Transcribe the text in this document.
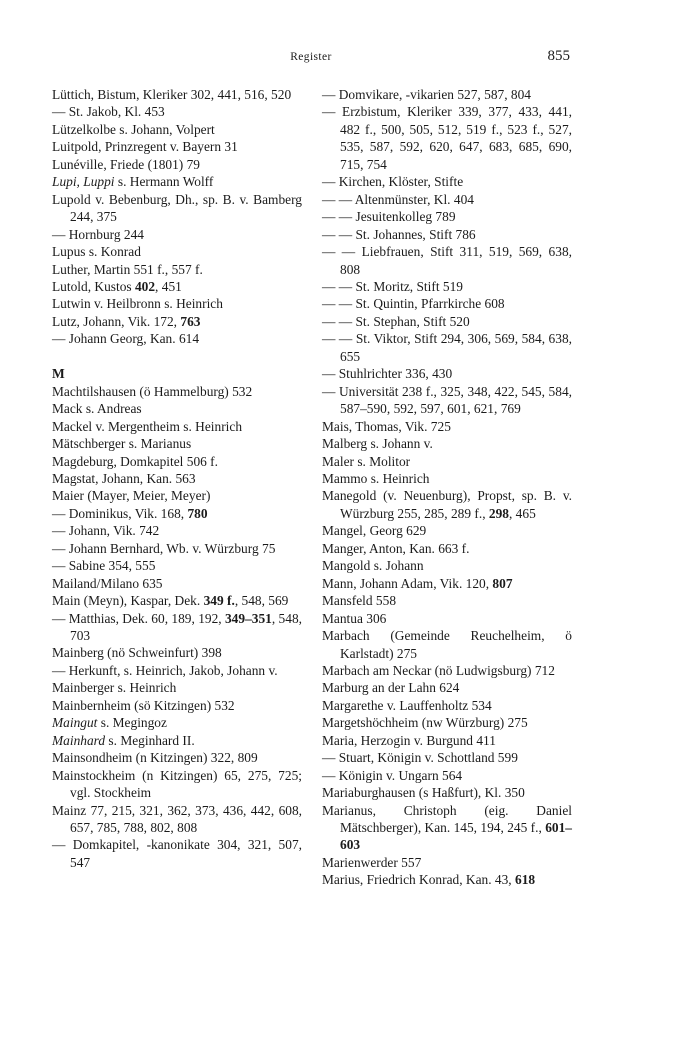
Register	855
Lüttich, Bistum, Kleriker 302, 441, 516, 520
— St. Jakob, Kl. 453
Lützelkolbe s. Johann, Volpert
Luitpold, Prinzregent v. Bayern 31
Lunéville, Friede (1801) 79
Lupi, Luppi s. Hermann Wolff
Lupold v. Bebenburg, Dh., sp. B. v. Bamberg 244, 375
— Hornburg 244
Lupus s. Konrad
Luther, Martin 551 f., 557 f.
Lutold, Kustos 402, 451
Lutwin v. Heilbronn s. Heinrich
Lutz, Johann, Vik. 172, 763
— Johann Georg, Kan. 614
M
Machtilshausen (ö Hammelburg) 532
Mack s. Andreas
Mackel v. Mergentheim s. Heinrich
Mätschberger s. Marianus
Magdeburg, Domkapitel 506 f.
Magstat, Johann, Kan. 563
Maier (Mayer, Meier, Meyer)
— Dominikus, Vik. 168, 780
— Johann, Vik. 742
— Johann Bernhard, Wb. v. Würzburg 75
— Sabine 354, 555
Mailand/Milano 635
Main (Meyn), Kaspar, Dek. 349 f., 548, 569
— Matthias, Dek. 60, 189, 192, 349–351, 548, 703
Mainberg (nö Schweinfurt) 398
— Herkunft, s. Heinrich, Jakob, Johann v.
Mainberger s. Heinrich
Mainbernheim (sö Kitzingen) 532
Maingut s. Megingoz
Mainhard s. Meginhard II.
Mainsondheim (n Kitzingen) 322, 809
Mainstockheim (n Kitzingen) 65, 275, 725; vgl. Stockheim
Mainz 77, 215, 321, 362, 373, 436, 442, 608, 657, 785, 788, 802, 808
— Domkapitel, -kanonikate 304, 321, 507, 547
— Domvikare, -vikarien 527, 587, 804
— Erzbistum, Kleriker 339, 377, 433, 441, 482 f., 500, 505, 512, 519 f., 523 f., 527, 535, 587, 592, 620, 647, 683, 685, 690, 715, 754
— Kirchen, Klöster, Stifte
— — Altenmünster, Kl. 404
— — Jesuitenkolleg 789
— — St. Johannes, Stift 786
— — Liebfrauen, Stift 311, 519, 569, 638, 808
— — St. Moritz, Stift 519
— — St. Quintin, Pfarrkirche 608
— — St. Stephan, Stift 520
— — St. Viktor, Stift 294, 306, 569, 584, 638, 655
— Stuhlrichter 336, 430
— Universität 238 f., 325, 348, 422, 545, 584, 587–590, 592, 597, 601, 621, 769
Mais, Thomas, Vik. 725
Malberg s. Johann v.
Maler s. Molitor
Mammo s. Heinrich
Manegold (v. Neuenburg), Propst, sp. B. v. Würzburg 255, 285, 289 f., 298, 465
Mangel, Georg 629
Manger, Anton, Kan. 663 f.
Mangold s. Johann
Mann, Johann Adam, Vik. 120, 807
Mansfeld 558
Mantua 306
Marbach (Gemeinde Reuchelheim, ö Karlstadt) 275
Marbach am Neckar (nö Ludwigsburg) 712
Marburg an der Lahn 624
Margarethe v. Lauffenholtz 534
Margetshöchheim (nw Würzburg) 275
Maria, Herzogin v. Burgund 411
— Stuart, Königin v. Schottland 599
— Königin v. Ungarn 564
Mariaburghausen (s Haßfurt), Kl. 350
Marianus, Christoph (eig. Daniel Mätschberger), Kan. 145, 194, 245 f., 601–603
Marienwerder 557
Marius, Friedrich Konrad, Kan. 43, 618
